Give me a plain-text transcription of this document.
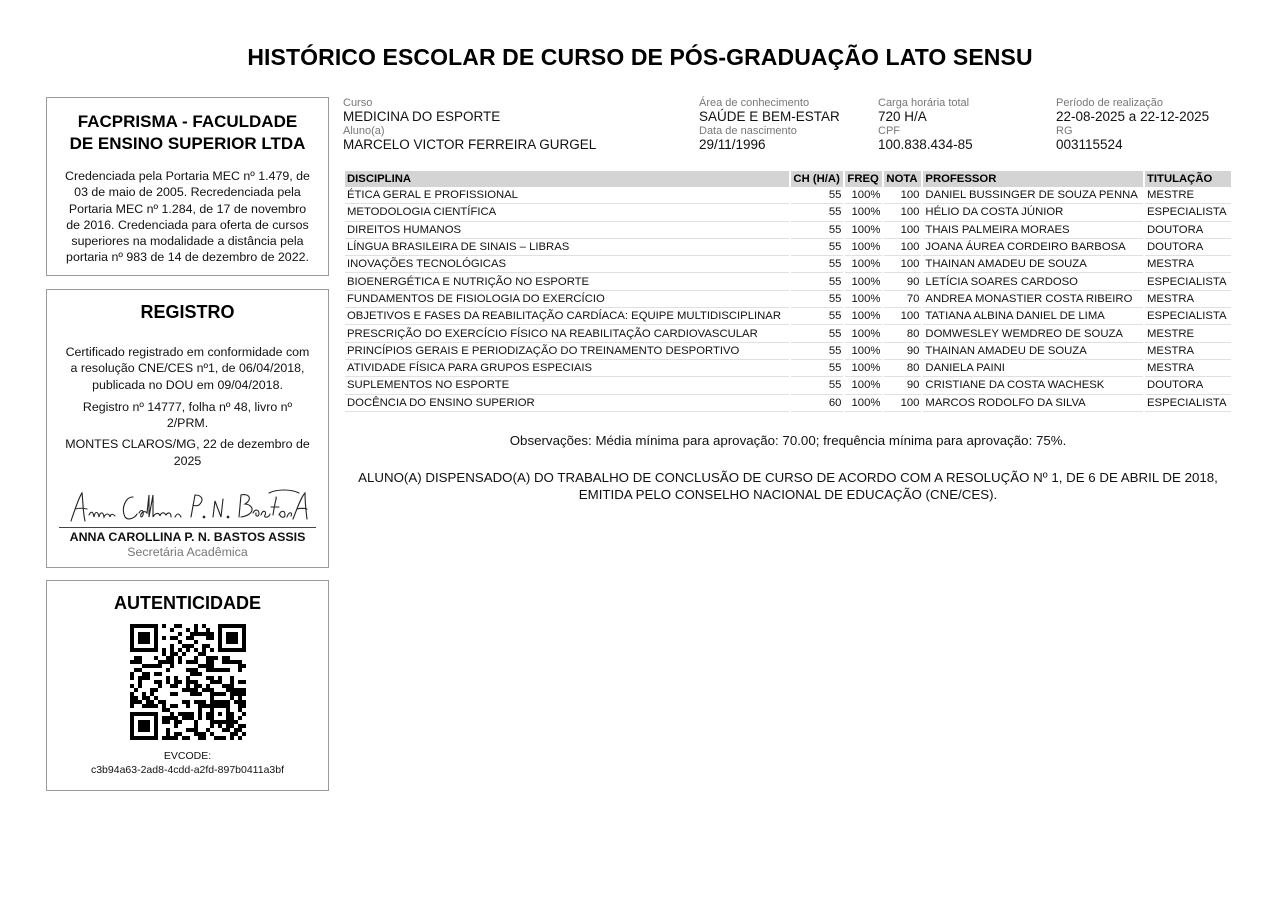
HISTÓRICO ESCOLAR DE CURSO DE PÓS-GRADUAÇÃO LATO SENSU
FACPRISMA - FACULDADE
DE ENSINO SUPERIOR LTDA
Credenciada pela Portaria MEC nº 1.479, de 03 de maio de 2005. Recredenciada pela Portaria MEC nº 1.284, de 17 de novembro de 2016. Credenciada para oferta de cursos superiores na modalidade a distância pela portaria nº 983 de 14 de dezembro de 2022.
REGISTRO
Certificado registrado em conformidade com a resolução CNE/CES nº1, de 06/04/2018, publicada no DOU em 09/04/2018.
Registro nº 14777, folha nº 48, livro nº 2/PRM.
MONTES CLAROS/MG, 22 de dezembro de 2025
ANNA CAROLLINA P. N. BASTOS ASSIS
Secretária Acadêmica
AUTENTICIDADE
EVCODE:
c3b94a63-2ad8-4cdd-a2fd-897b0411a3bf
Curso
MEDICINA DO ESPORTE
Área de conhecimento
SAÚDE E BEM-ESTAR
Carga horária total
720 H/A
Período de realização
22-08-2025 a 22-12-2025
Aluno(a)
MARCELO VICTOR FERREIRA GURGEL
Data de nascimento
29/11/1996
CPF
100.838.434-85
RG
003115524
DISCIPLINA	CH (H/A)	FREQ	NOTA	PROFESSOR	TITULAÇÃO
ÉTICA GERAL E PROFISSIONAL	55	100%	100	DANIEL BUSSINGER DE SOUZA PENNA	MESTRE
METODOLOGIA CIENTÍFICA	55	100%	100	HÉLIO DA COSTA JÚNIOR	ESPECIALISTA
DIREITOS HUMANOS	55	100%	100	THAIS PALMEIRA MORAES	DOUTORA
LÍNGUA BRASILEIRA DE SINAIS – LIBRAS	55	100%	100	JOANA ÁUREA CORDEIRO BARBOSA	DOUTORA
INOVAÇÕES TECNOLÓGICAS	55	100%	100	THAINAN AMADEU DE SOUZA	MESTRA
BIOENERGÉTICA E NUTRIÇÃO NO ESPORTE	55	100%	90	LETÍCIA SOARES CARDOSO	ESPECIALISTA
FUNDAMENTOS DE FISIOLOGIA DO EXERCÍCIO	55	100%	70	ANDREA MONASTIER COSTA RIBEIRO	MESTRA
OBJETIVOS E FASES DA REABILITAÇÃO CARDÍACA: EQUIPE MULTIDISCIPLINAR	55	100%	100	TATIANA ALBINA DANIEL DE LIMA	ESPECIALISTA
PRESCRIÇÃO DO EXERCÍCIO FÍSICO NA REABILITAÇÃO CARDIOVASCULAR	55	100%	80	DOMWESLEY WEMDREO DE SOUZA	MESTRE
PRINCÍPIOS GERAIS E PERIODIZAÇÃO DO TREINAMENTO DESPORTIVO	55	100%	90	THAINAN AMADEU DE SOUZA	MESTRA
ATIVIDADE FÍSICA PARA GRUPOS ESPECIAIS	55	100%	80	DANIELA PAINI	MESTRA
SUPLEMENTOS NO ESPORTE	55	100%	90	CRISTIANE DA COSTA WACHESK	DOUTORA
DOCÊNCIA DO ENSINO SUPERIOR	60	100%	100	MARCOS RODOLFO DA SILVA	ESPECIALISTA
Observações: Média mínima para aprovação: 70.00; frequência mínima para aprovação: 75%.
ALUNO(A) DISPENSADO(A) DO TRABALHO DE CONCLUSÃO DE CURSO DE ACORDO COM A RESOLUÇÃO Nº 1, DE 6 DE ABRIL DE 2018,
EMITIDA PELO CONSELHO NACIONAL DE EDUCAÇÃO (CNE/CES).
